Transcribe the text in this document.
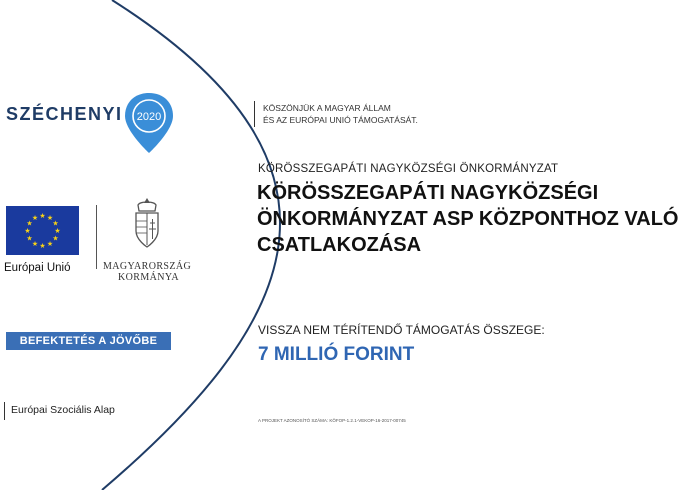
SZÉCHENYI 2020
★ ★
★
★
★
★
★
★
★
★
★
★
Európai Unió	MAGYARORSZÁG
KORMÁNYA
BEFEKTETÉS A JÖVŐBE
Európai Szociális Alap
KÖSZÖNJÜK A MAGYAR ÁLLAM
ÉS AZ EURÓPAI UNIÓ TÁMOGATÁSÁT.
KÖRÖSSZEGAPÁTI NAGYKÖZSÉGI ÖNKORMÁNYZAT
KÖRÖSSZEGAPÁTI NAGYKÖZSÉGI ÖNKORMÁNYZAT ASP KÖZPONTHOZ VALÓ CSATLAKOZÁSA
VISSZA NEM TÉRÍTENDŐ TÁMOGATÁS ÖSSZEGE:
7 MILLIÓ FORINT
A PROJEKT AZONOSÍTÓ SZÁMA: KÖFOP-1.2.1-VEKOP-16-2017-00745
